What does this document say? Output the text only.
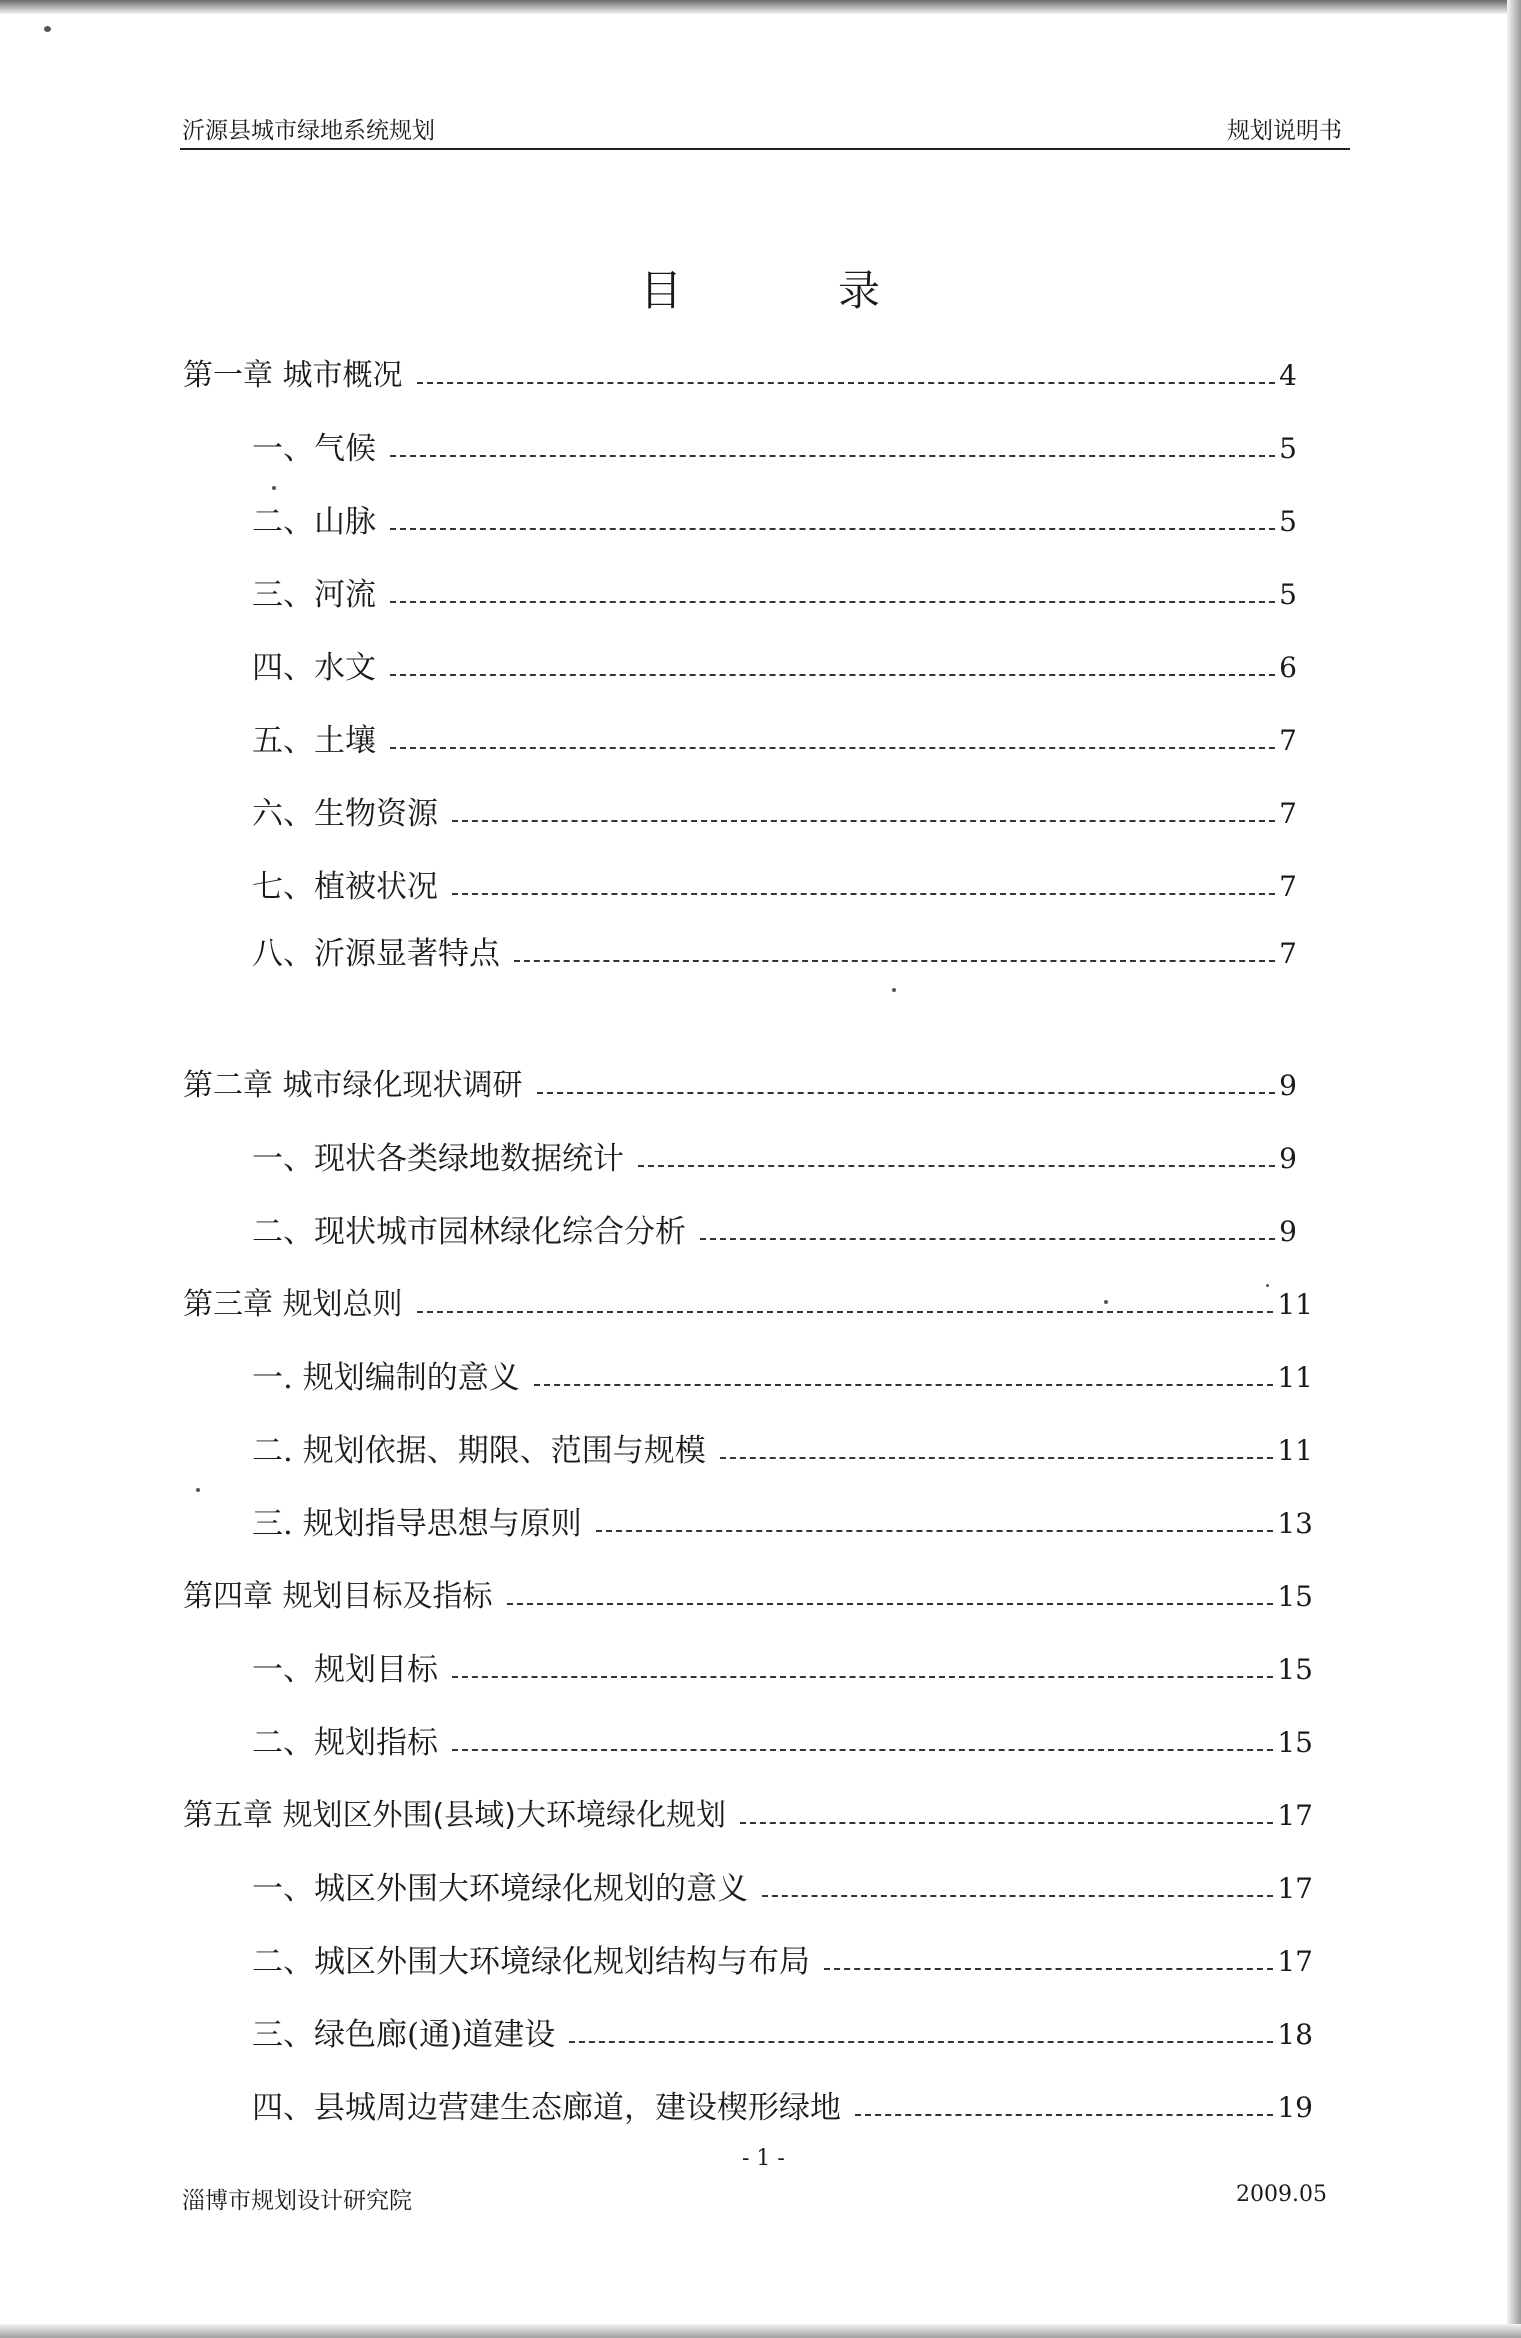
沂源县城市绿地系统规划	规划说明书
目	录
第一章 城市概况	4
一、气候	5
二、山脉	5
三、河流	5
四、水文	6
五、土壤	7
六、生物资源	7
七、植被状况	7
八、沂源显著特点	7
第二章 城市绿化现状调研	9
一、现状各类绿地数据统计	9
二、现状城市园林绿化综合分析	9
第三章 规划总则	11
一. 规划编制的意义	11
二. 规划依据、期限、范围与规模	11
三. 规划指导思想与原则	13
第四章 规划目标及指标	15
一、规划目标	15
二、规划指标	15
第五章 规划区外围(县域)大环境绿化规划	17
一、城区外围大环境绿化规划的意义	17
二、城区外围大环境绿化规划结构与布局	17
三、绿色廊(通)道建设	18
四、县城周边营建生态廊道，建设楔形绿地	19
- 1 -
淄博市规划设计研究院	2009.05
